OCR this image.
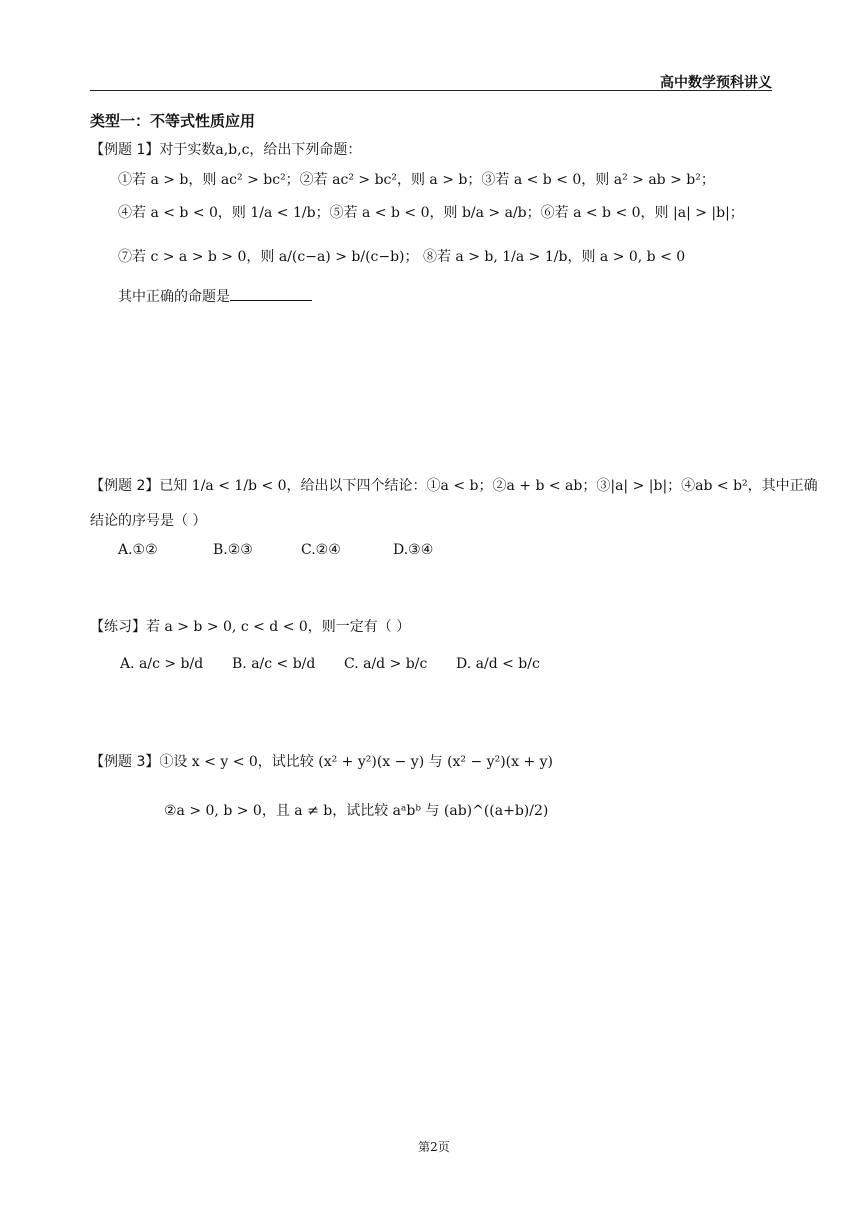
高中数学预科讲义
类型一：不等式性质应用
【例题 1】对于实数a,b,c，给出下列命题：
①若 a > b，则 ac² > bc²；②若 ac² > bc²，则 a > b；③若 a < b < 0，则 a² > ab > b²；
④若 a < b < 0，则 1/a < 1/b；⑤若 a < b < 0，则 b/a > a/b；⑥若 a < b < 0，则 |a| > |b|；
⑦若 c > a > b > 0，则 a/(c−a) > b/(c−b)； ⑧若 a > b, 1/a > 1/b，则 a > 0, b < 0
其中正确的命题是
【例题 2】已知 1/a < 1/b < 0，给出以下四个结论：①a < b；②a + b < ab；③|a| > |b|；④ab < b²，其中正确
结论的序号是（ ）
A.①②	B.②③	C.②④	D.③④
【练习】若 a > b > 0, c < d < 0，则一定有（ ）
A. a/c > b/d B. a/c < b/d C. a/d > b/c D. a/d < b/c
【例题 3】①设 x < y < 0，试比较 (x² + y²)(x − y) 与 (x² − y²)(x + y)
②a > 0, b > 0，且 a ≠ b，试比较 aᵃbᵇ 与 (ab)^((a+b)/2)
第2页
